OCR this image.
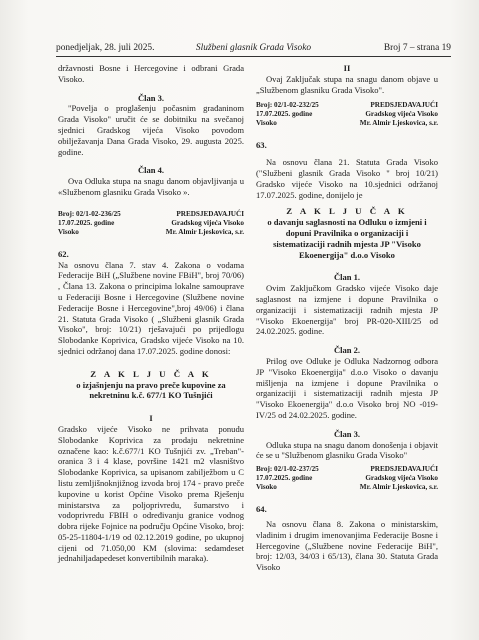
ponedjeljak, 28. juli 2025.	Službeni glasnik Grada Visoko	Broj 7 – strana 19

državnosti Bosne i Hercegovine i odbrani Grada Visoko.

Član 3.

"Povelja o proglašenju počasnim građaninom Grada Visoko" uručit će se dobitniku na svečanoj sjednici Gradskog vijeća Visoko povodom obilježavanja Dana Grada Visoko, 29. augusta 2025. godine.

Član 4.

Ova Odluka stupa na snagu danom objavljivanja u «Službenom glasniku Grada Visoko ».

Broj: 02/1-02-236/25
17.07.2025. godine
Visoko
PREDSJEDAVAJUĆI
Gradskog vijeća Visoko
Mr. Almir Ljeskovica, s.r.

62.

Na osnovu člana 7. stav 4. Zakona o vodama Federacije BiH („Službene novine FBiH", broj 70/06) , Člana 13. Zakona o principima lokalne samouprave u Federaciji Bosne i Hercegovine (Službene novine Federacije Bosne i Hercegovine",broj 49/06) i člana 21. Statuta Grada Visoko ( „Službeni glasnik Grada Visoko", broj: 10/21) rješavajući po prijedlogu Slobodanke Koprivica, Gradsko vijeće Visoko na 10. sjednici održanoj dana 17.07.2025. godine donosi:

Z A K L J U Č A K

o izjašnjenju na pravo preče kupovine za

nekretninu k.č. 677/1 KO Tušnjići

I

Gradsko vijeće Visoko ne prihvata ponudu Slobodanke Koprivica za prodaju nekretnine označene kao: k.č.677/1 KO Tušnjići zv. „Treban"- oranica 3 i 4 klase, površine 1421 m2 vlasništvo Slobodanke Koprivica, sa upisanom zabilježbom u C listu zemljišnoknjižnog izvoda broj 174 - pravo preče kupovine u korist Općine Visoko prema Rješenju ministarstva za poljoprivredu, šumarstvo i vodoprivredu FBIH o određivanju granice vodnog dobra rijeke Fojnice na području Općine Visoko, broj: 05-25-11804-1/19 od 02.12.2019 godine, po ukupnoj cijeni od 71.050,00 KM (slovima: sedamdeset jednahiljadapedeset konvertibilnih maraka).

II

Ovaj Zaključak stupa na snagu danom objave u „Službenom glasniku Grada Visoko".

Broj: 02/1-02-232/25
17.07.2025. godine
Visoko
PREDSJEDAVAJUĆI
Gradskog vijeća Visoko
Mr. Almir Ljeskovica, s.r.

63.

Na osnovu člana 21. Statuta Grada Visoko ("Službeni glasnik Grada Visoko " broj 10/21) Gradsko vijeće Visoko na 10.sjednici održanoj 17.07.2025. godine, donijelo je

Z A K L J U Č A K

o davanju saglasnosti na Odluku o izmjeni i

dopuni Pravilnika o organizaciji i

sistematizaciji radnih mjesta JP "Visoko

Ekoenergija" d.o.o Visoko

Član 1.

Ovim Zaključkom Gradsko vijeće Visoko daje saglasnost na izmjene i dopune Pravilnika o organizaciji i sistematizaciji radnih mjesta JP "Visoko Ekoenergija" broj PR-020-XIII/25 od 24.02.2025. godine.

Član 2.

Prilog ove Odluke je Odluka Nadzornog odbora JP "Visoko Ekoenergija" d.o.o Visoko o davanju mišljenja na izmjene i dopune Pravilnika o organizaciji i sistematizaciji radnih mjesta JP "Visoko Ekoenergija" d.o.o Visoko broj NO -019-IV/25 od 24.02.2025. godine.

Član 3.

Odluka stupa na snagu danom donošenja i objavit će se u "Službenom glasniku Grada Visoko"

Broj: 02/1-02-237/25
17.07.2025. godine
Visoko
PREDSJEDAVAJUĆI
Gradskog vijeća Visoko
Mr. Almir Ljeskovica, s.r.

64.

Na osnovu člana 8. Zakona o ministarskim, vladinim i drugim imenovanjima Federacije Bosne i Hercegovine („Službene novine Federacije BiH", broj: 12/03, 34/03 i 65/13), člana 30. Statuta Grada Visoko
